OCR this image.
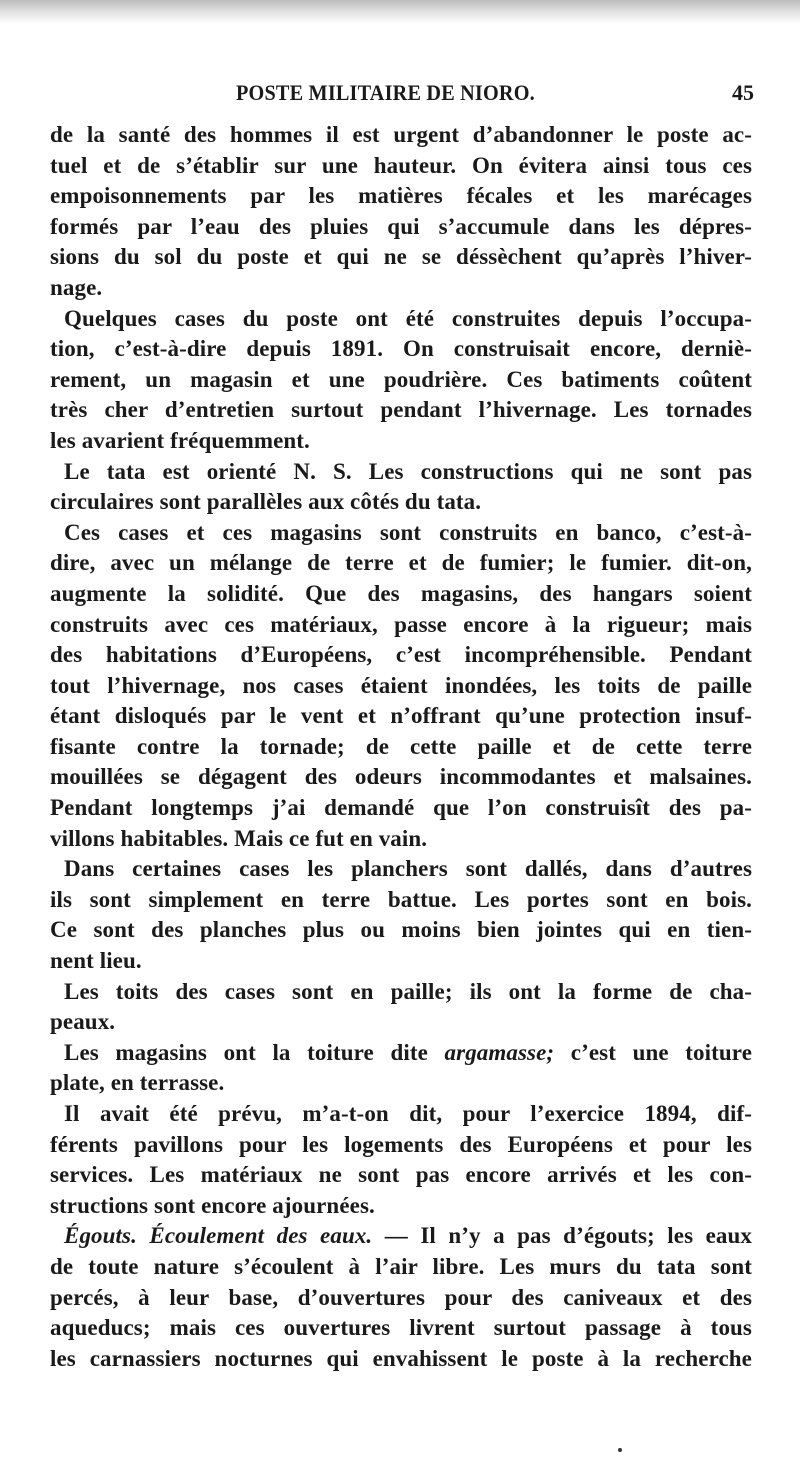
POSTE MILITAIRE DE NIORO.	45
de la santé des hommes il est urgent d’abandonner le poste ac-
tuel et de s’établir sur une hauteur. On évitera ainsi tous ces
empoisonnements par les matières fécales et les marécages
formés par l’eau des pluies qui s’accumule dans les dépres-
sions du sol du poste et qui ne se déssèchent qu’après l’hiver-
nage.
Quelques cases du poste ont été construites depuis l’occupa-
tion, c’est-à-dire depuis 1891. On construisait encore, derniè-
rement, un magasin et une poudrière. Ces batiments coûtent
très cher d’entretien surtout pendant l’hivernage. Les tornades
les avarient fréquemment.
Le tata est orienté N. S. Les constructions qui ne sont pas
circulaires sont parallèles aux côtés du tata.
Ces cases et ces magasins sont construits en banco, c’est-à-
dire, avec un mélange de terre et de fumier; le fumier. dit-on,
augmente la solidité. Que des magasins, des hangars soient
construits avec ces matériaux, passe encore à la rigueur; mais
des habitations d’Européens, c’est incompréhensible. Pendant
tout l’hivernage, nos cases étaient inondées, les toits de paille
étant disloqués par le vent et n’offrant qu’une protection insuf-
fisante contre la tornade; de cette paille et de cette terre
mouillées se dégagent des odeurs incommodantes et malsaines.
Pendant longtemps j’ai demandé que l’on construisît des pa-
villons habitables. Mais ce fut en vain.
Dans certaines cases les planchers sont dallés, dans d’autres
ils sont simplement en terre battue. Les portes sont en bois.
Ce sont des planches plus ou moins bien jointes qui en tien-
nent lieu.
Les toits des cases sont en paille; ils ont la forme de cha-
peaux.
Les magasins ont la toiture dite argamasse; c’est une toiture
plate, en terrasse.
Il avait été prévu, m’a-t-on dit, pour l’exercice 1894, dif-
férents pavillons pour les logements des Européens et pour les
services. Les matériaux ne sont pas encore arrivés et les con-
structions sont encore ajournées.
Égouts. Écoulement des eaux. — Il n’y a pas d’égouts; les eaux
de toute nature s’écoulent à l’air libre. Les murs du tata sont
percés, à leur base, d’ouvertures pour des caniveaux et des
aqueducs; mais ces ouvertures livrent surtout passage à tous
les carnassiers nocturnes qui envahissent le poste à la recherche
